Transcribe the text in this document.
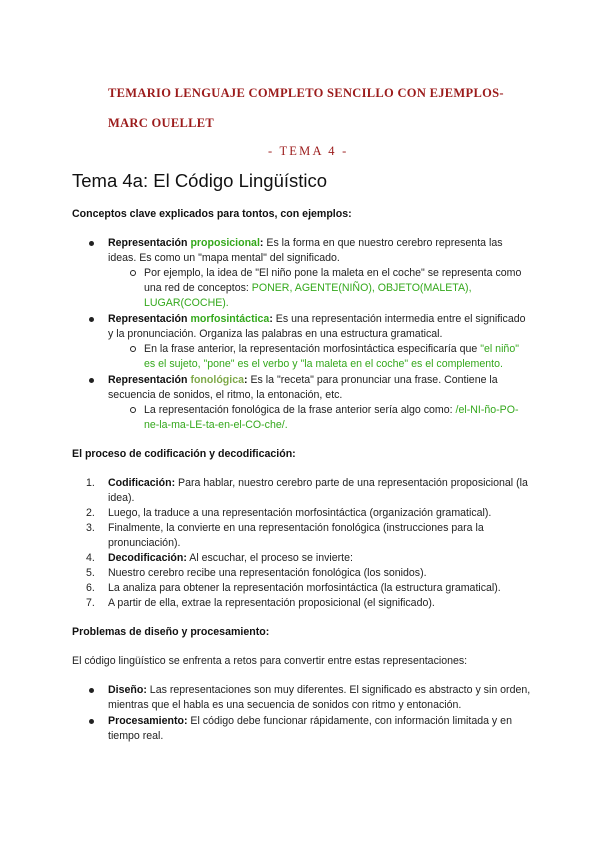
TEMARIO LENGUAJE COMPLETO SENCILLO CON EJEMPLOS-
MARC OUELLET
- TEMA 4 -
Tema 4a: El Código Lingüístico
Conceptos clave explicados para tontos, con ejemplos:
Representación proposicional: Es la forma en que nuestro cerebro representa las ideas. Es como un "mapa mental" del significado.
Por ejemplo, la idea de "El niño pone la maleta en el coche" se representa como una red de conceptos: PONER, AGENTE(NIÑO), OBJETO(MALETA), LUGAR(COCHE).
Representación morfosintáctica: Es una representación intermedia entre el significado y la pronunciación. Organiza las palabras en una estructura gramatical.
En la frase anterior, la representación morfosintáctica especificaría que "el niño" es el sujeto, "pone" es el verbo y "la maleta en el coche" es el complemento.
Representación fonológica: Es la "receta" para pronunciar una frase. Contiene la secuencia de sonidos, el ritmo, la entonación, etc.
La representación fonológica de la frase anterior sería algo como: /el-NI-ño-PO-ne-la-ma-LE-ta-en-el-CO-che/.
El proceso de codificación y decodificación:
1.	Codificación: Para hablar, nuestro cerebro parte de una representación proposicional (la idea).
2.	Luego, la traduce a una representación morfosintáctica (organización gramatical).
3.	Finalmente, la convierte en una representación fonológica (instrucciones para la pronunciación).
4.	Decodificación: Al escuchar, el proceso se invierte:
5.	Nuestro cerebro recibe una representación fonológica (los sonidos).
6.	La analiza para obtener la representación morfosintáctica (la estructura gramatical).
7.	A partir de ella, extrae la representación proposicional (el significado).
Problemas de diseño y procesamiento:

El código lingüístico se enfrenta a retos para convertir entre estas representaciones:

Diseño: Las representaciones son muy diferentes. El significado es abstracto y sin orden, mientras que el habla es una secuencia de sonidos con ritmo y entonación.
Procesamiento: El código debe funcionar rápidamente, con información limitada y en tiempo real.
